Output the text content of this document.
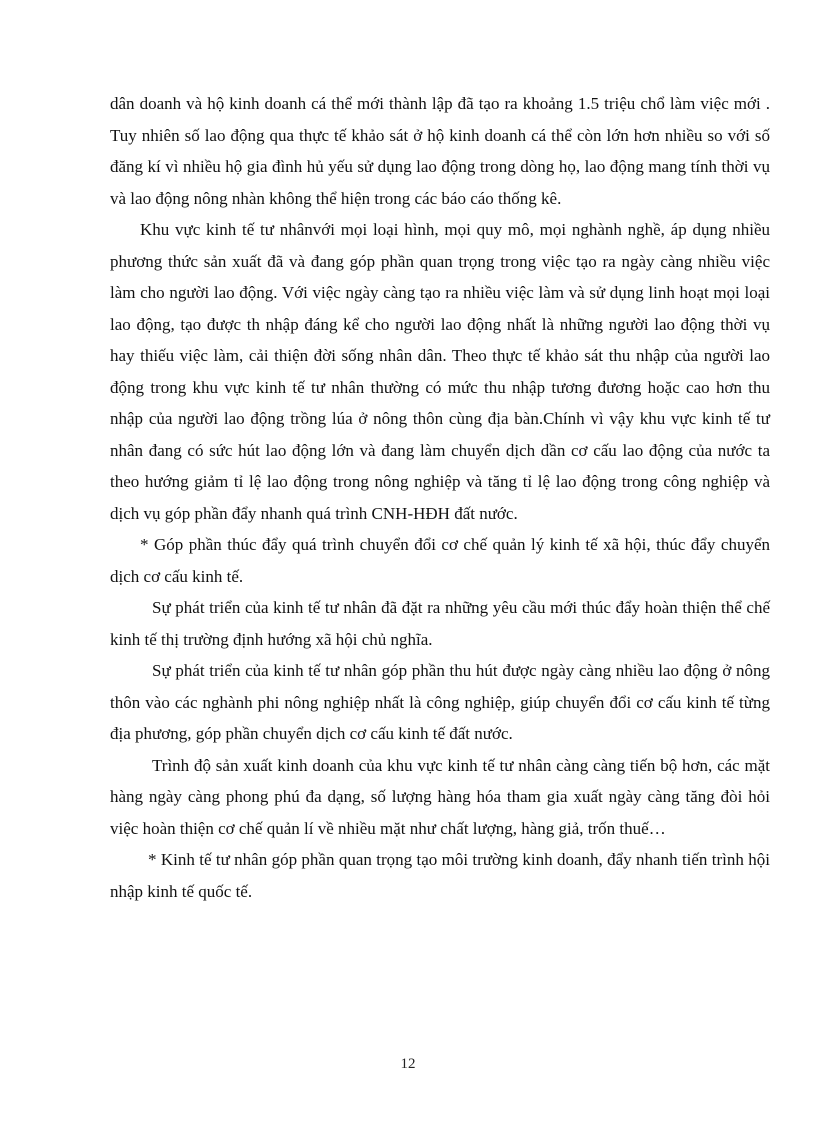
dân doanh và hộ kinh doanh cá thể mới thành lập đã tạo ra khoảng 1.5 triệu chổ làm việc mới . Tuy nhiên số lao động qua thực tế khảo sát ở hộ kinh doanh cá thể còn lớn hơn nhiều so với số đăng kí vì nhiều hộ gia đình hủ yếu sử dụng lao động trong dòng họ, lao động mang tính thời vụ và lao động nông nhàn không thể hiện trong các báo cáo thống kê.

Khu vực kinh tế tư nhânvới mọi loại hình, mọi quy mô, mọi nghành nghề, áp dụng nhiều phương thức sản xuất đã và đang góp phần quan trọng trong việc tạo ra ngày càng nhiều việc làm cho người lao động. Với việc ngày càng tạo ra nhiều việc làm và sử dụng linh hoạt mọi loại lao động, tạo được th nhập đáng kể cho người lao động nhất là những người lao động thời vụ hay thiếu việc làm, cải thiện đời sống nhân dân. Theo thực tế khảo sát thu nhập của người lao động trong khu vực kinh tế tư nhân thường có mức thu nhập tương đương hoặc cao hơn thu nhập của người lao động trồng lúa ở nông thôn cùng địa bàn.Chính vì vậy khu vực kinh tế tư nhân đang có sức hút lao động lớn và đang làm chuyển dịch dần cơ cấu lao động của nước ta theo hướng giảm tỉ lệ lao động trong nông nghiệp và tăng tỉ lệ lao động trong công nghiệp và dịch vụ góp phần đẩy nhanh quá trình CNH-HĐH đất nước.

* Góp phần thúc đẩy quá trình chuyển đổi cơ chế quản lý kinh tế xã hội, thúc đẩy chuyển dịch cơ cấu kinh tế.

Sự phát triển của kinh tế tư nhân đã đặt ra những yêu cầu mới thúc đẩy hoàn thiện thể chế kinh tế thị trường định hướng xã hội chủ nghĩa.

Sự phát triển của kinh tế tư nhân góp phần thu hút được ngày càng nhiều lao động ở nông thôn vào các nghành phi nông nghiệp nhất là công nghiệp, giúp chuyển đổi cơ cấu kinh tế từng địa phương, góp phần chuyển dịch cơ cấu kinh tế đất nước.

Trình độ sản xuất kinh doanh của khu vực kinh tế tư nhân càng càng tiến bộ hơn, các mặt hàng ngày càng phong phú đa dạng, số lượng hàng hóa tham gia xuất ngày càng tăng đòi hỏi việc hoàn thiện cơ chế quản lí về nhiều mặt như chất lượng, hàng giả, trốn thuế…

* Kinh tế tư nhân góp phần quan trọng tạo môi trường kinh doanh, đẩy nhanh tiến trình hội nhập kinh tế quốc tế.

12
